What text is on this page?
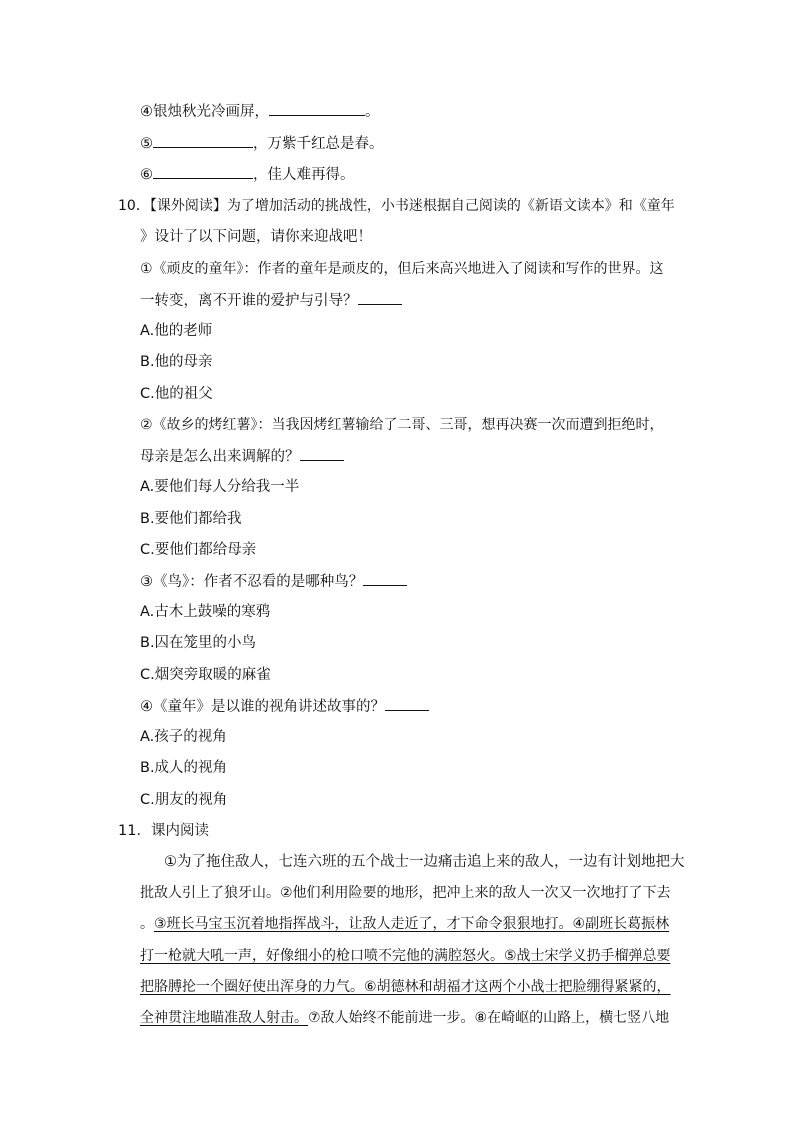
④银烛秋光冷画屏，	。
⑤	，万紫千红总是春。
⑥	，佳人难再得。
10．【课外阅读】为了增加活动的挑战性，小书迷根据自己阅读的《新语文读本》和《童年
》设计了以下问题，请你来迎战吧！
①《顽皮的童年》：作者的童年是顽皮的，但后来高兴地进入了阅读和写作的世界。这
一转变，离不开谁的爱护与引导？
A.他的老师
B.他的母亲
C.他的祖父
②《故乡的烤红薯》：当我因烤红薯输给了二哥、三哥，想再决赛一次而遭到拒绝时，
母亲是怎么出来调解的？
A.要他们每人分给我一半
B.要他们都给我
C.要他们都给母亲
③《鸟》：作者不忍看的是哪种鸟？
A.古木上鼓噪的寒鸦
B.囚在笼里的小鸟
C.烟突旁取暖的麻雀
④《童年》是以谁的视角讲述故事的？
A.孩子的视角
B.成人的视角
C.朋友的视角
11．课内阅读
①为了拖住敌人，七连六班的五个战士一边痛击追上来的敌人，一边有计划地把大
批敌人引上了狼牙山。②他们利用险要的地形，把冲上来的敌人一次又一次地打了下去
。③班长马宝玉沉着地指挥战斗，让敌人走近了，才下命令狠狠地打。④副班长葛振林
打一枪就大吼一声，好像细小的枪口喷不完他的满腔怒火。⑤战士宋学义扔手榴弹总要
把胳膊抡一个圈好使出浑身的力气。⑥胡德林和胡福才这两个小战士把脸绷得紧紧的，
全神贯注地瞄准敌人射击。⑦敌人始终不能前进一步。⑧在崎岖的山路上，横七竖八地
